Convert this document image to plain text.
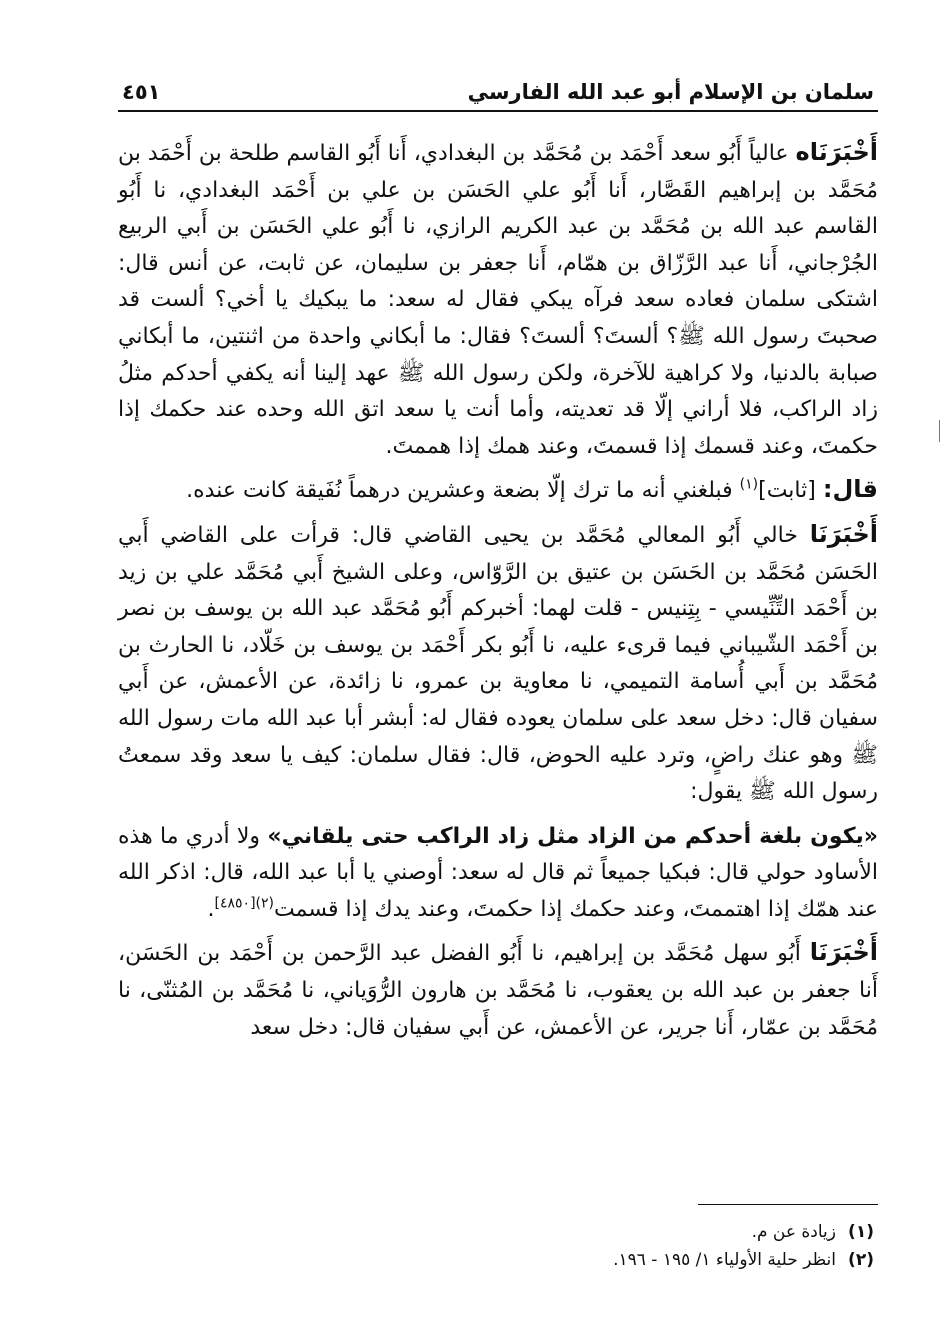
سلمان بن الإسلام أبو عبد الله الفارسي
٤٥١

أَخْبَرَنَاه عالياً أَبُو سعد أَحْمَد بن مُحَمَّد بن البغدادي، أَنا أَبُو القاسم طلحة بن أَحْمَد بن مُحَمَّد بن إبراهيم القَصَّار، أَنا أَبُو علي الحَسَن بن علي بن أَحْمَد البغدادي، نا أَبُو القاسم عبد الله بن مُحَمَّد بن عبد الكريم الرازي، نا أَبُو علي الحَسَن بن أَبي الربيع الجُرْجاني، أَنا عبد الرَّزّاق بن همّام، أَنا جعفر بن سليمان، عن ثابت، عن أنس قال: اشتكى سلمان فعاده سعد فرآه يبكي فقال له سعد: ما يبكيك يا أخي؟ ألست قد صحبتَ رسول الله ﷺ؟ ألستَ؟ ألستَ؟ فقال: ما أبكاني واحدة من اثنتين، ما أبكاني صبابة بالدنيا، ولا كراهية للآخرة، ولكن رسول الله ﷺ عهد إلينا أنه يكفي أحدكم مثلُ زاد الراكب، فلا أراني إلّا قد تعديته، وأما أنت يا سعد اتق الله وحده عند حكمك إذا حكمتَ، وعند قسمك إذا قسمتَ، وعند همك إذا هممتَ.

قال: [ثابت]$^{(١)}$ فبلغني أنه ما ترك إلّا بضعة وعشرين درهماً نُفَيقة كانت عنده.

أَخْبَرَنَا خالي أَبُو المعالي مُحَمَّد بن يحيى القاضي قال: قرأت على القاضي أَبي الحَسَن مُحَمَّد بن الحَسَن بن عتيق بن الرَّوّاس، وعلى الشيخ أَبي مُحَمَّد علي بن زيد بن أَحْمَد التِّنِّيسي - بِتِنيس - قلت لهما: أخبركم أَبُو مُحَمَّد عبد الله بن يوسف بن نصر بن أَحْمَد الشّيباني فيما قرىء عليه، نا أَبُو بكر أَحْمَد بن يوسف بن خَلّاد، نا الحارث بن مُحَمَّد بن أَبي أُسامة التميمي، نا معاوية بن عمرو، نا زائدة، عن الأعمش، عن أَبي سفيان قال: دخل سعد على سلمان يعوده فقال له: أبشر أبا عبد الله مات رسول الله ﷺ وهو عنك راضٍ، وترد عليه الحوض، قال: فقال سلمان: كيف يا سعد وقد سمعتُ رسول الله ﷺ يقول:

«يكون بلغة أحدكم من الزاد مثل زاد الراكب حتى يلقاني» ولا أدري ما هذه الأساود حولي قال: فبكيا جميعاً ثم قال له سعد: أوصني يا أبا عبد الله، قال: اذكر الله عند همّك إذا اهتممتَ، وعند حكمك إذا حكمتَ، وعند يدك إذا قسمت$^{(٢)[٤٨٥٠]}$.

أَخْبَرَنَا أَبُو سهل مُحَمَّد بن إبراهيم، نا أَبُو الفضل عبد الرَّحمن بن أَحْمَد بن الحَسَن، أَنا جعفر بن عبد الله بن يعقوب، نا مُحَمَّد بن هارون الرُّوَياني، نا مُحَمَّد بن المُثنّى، نا مُحَمَّد بن عمّار، أَنا جرير، عن الأعمش، عن أَبي سفيان قال: دخل سعد

(١)
زيادة عن م.
(٢)
انظر حلية الأولياء ١/ ١٩٥ - ١٩٦.
